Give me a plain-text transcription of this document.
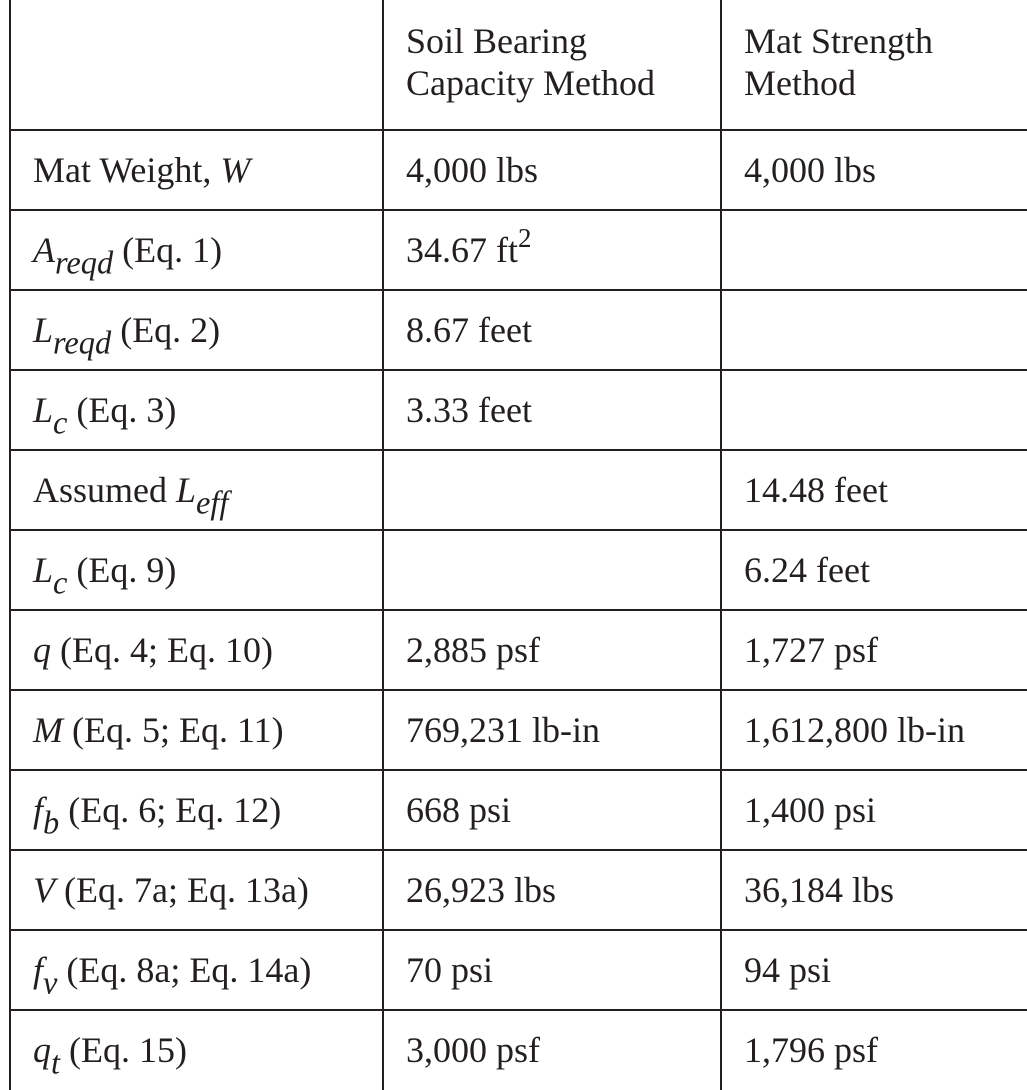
	Soil Bearing Capacity Method	Mat Strength Method
Mat Weight, W	4,000 lbs	4,000 lbs
$A_{reqd}$ (Eq. 1)	34.67 $ft^2$	
$L_{reqd}$ (Eq. 2)	8.67 feet	
$L_c$ (Eq. 3)	3.33 feet	
Assumed $L_{eff}$		14.48 feet
$L_c$ (Eq. 9)		6.24 feet
q (Eq. 4; Eq. 10)	2,885 psf	1,727 psf
M (Eq. 5; Eq. 11)	769,231 lb-in	1,612,800 lb-in
$f_b$ (Eq. 6; Eq. 12)	668 psi	1,400 psi
V (Eq. 7a; Eq. 13a)	26,923 lbs	36,184 lbs
$f_v$ (Eq. 8a; Eq. 14a)	70 psi	94 psi
$q_t$ (Eq. 15)	3,000 psf	1,796 psf
